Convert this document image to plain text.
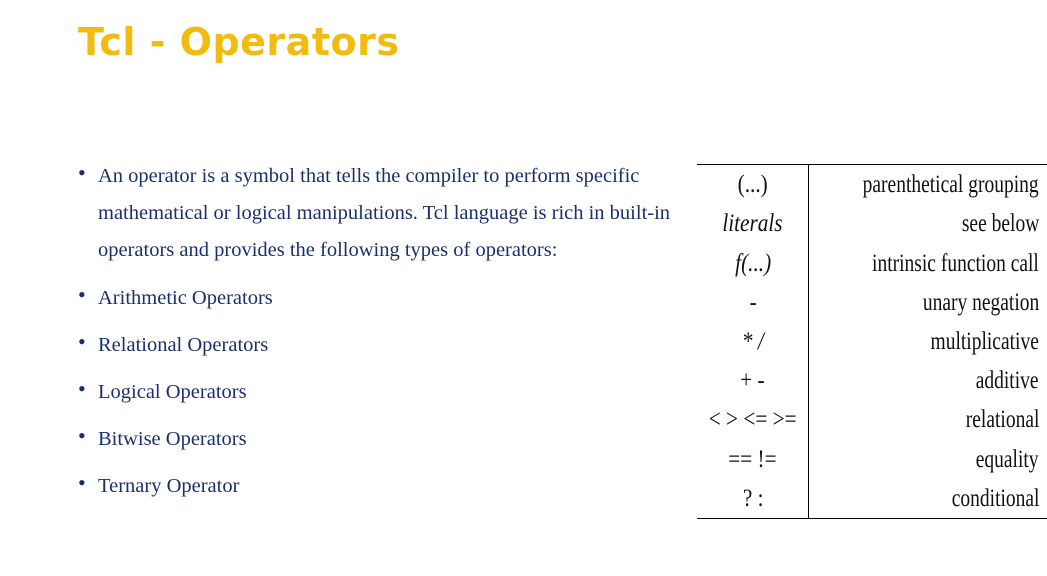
Tcl - Operators
• An operator is a symbol that tells the compiler to perform specific mathematical or logical manipulations. Tcl language is rich in built-in operators and provides the following types of operators:
• Arithmetic Operators
• Relational Operators
• Logical Operators
• Bitwise Operators
• Ternary Operator
(...)	parenthetical grouping
literals	see below
f(...)	intrinsic function call
-	unary negation
* /	multiplicative
+ -	additive
< > <= >=	relational
== !=	equality
? :	conditional
